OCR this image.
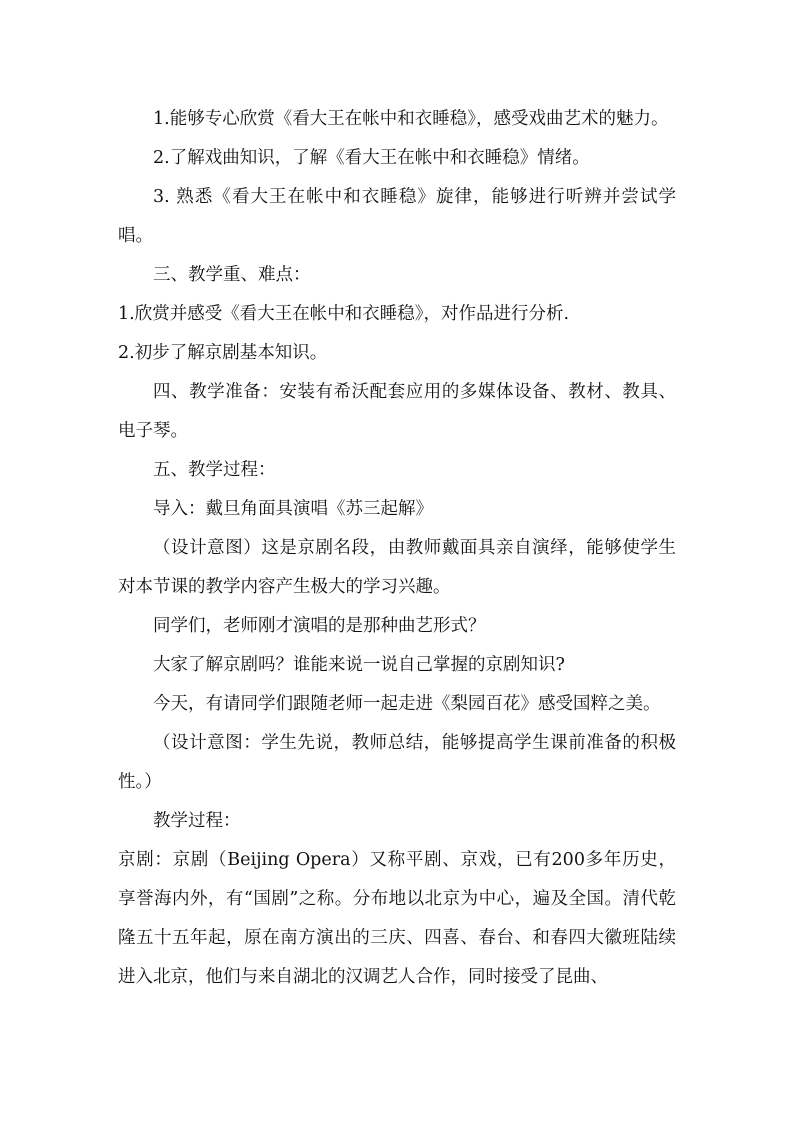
1.能够专心欣赏《看大王在帐中和衣睡稳》，感受戏曲艺术的魅力。

2.了解戏曲知识，了解《看大王在帐中和衣睡稳》情绪。

3. 熟悉《看大王在帐中和衣睡稳》旋律，能够进行听辨并尝试学唱。

三、教学重、难点：

1.欣赏并感受《看大王在帐中和衣睡稳》，对作品进行分析.

2.初步了解京剧基本知识。

四、教学准备：安装有希沃配套应用的多媒体设备、教材、教具、电子琴。

五、教学过程：

导入：戴旦角面具演唱《苏三起解》

（设计意图）这是京剧名段，由教师戴面具亲自演绎，能够使学生对本节课的教学内容产生极大的学习兴趣。

同学们，老师刚才演唱的是那种曲艺形式？

大家了解京剧吗？谁能来说一说自己掌握的京剧知识?

今天，有请同学们跟随老师一起走进《梨园百花》感受国粹之美。

（设计意图：学生先说，教师总结，能够提高学生课前准备的积极性。）

教学过程：

京剧：京剧（Beijing Opera）又称平剧、京戏，已有200多年历史，享誉海内外，有“国剧”之称。分布地以北京为中心，遍及全国。清代乾隆五十五年起，原在南方演出的三庆、四喜、春台、和春四大徽班陆续进入北京，他们与来自湖北的汉调艺人合作，同时接受了昆曲、
